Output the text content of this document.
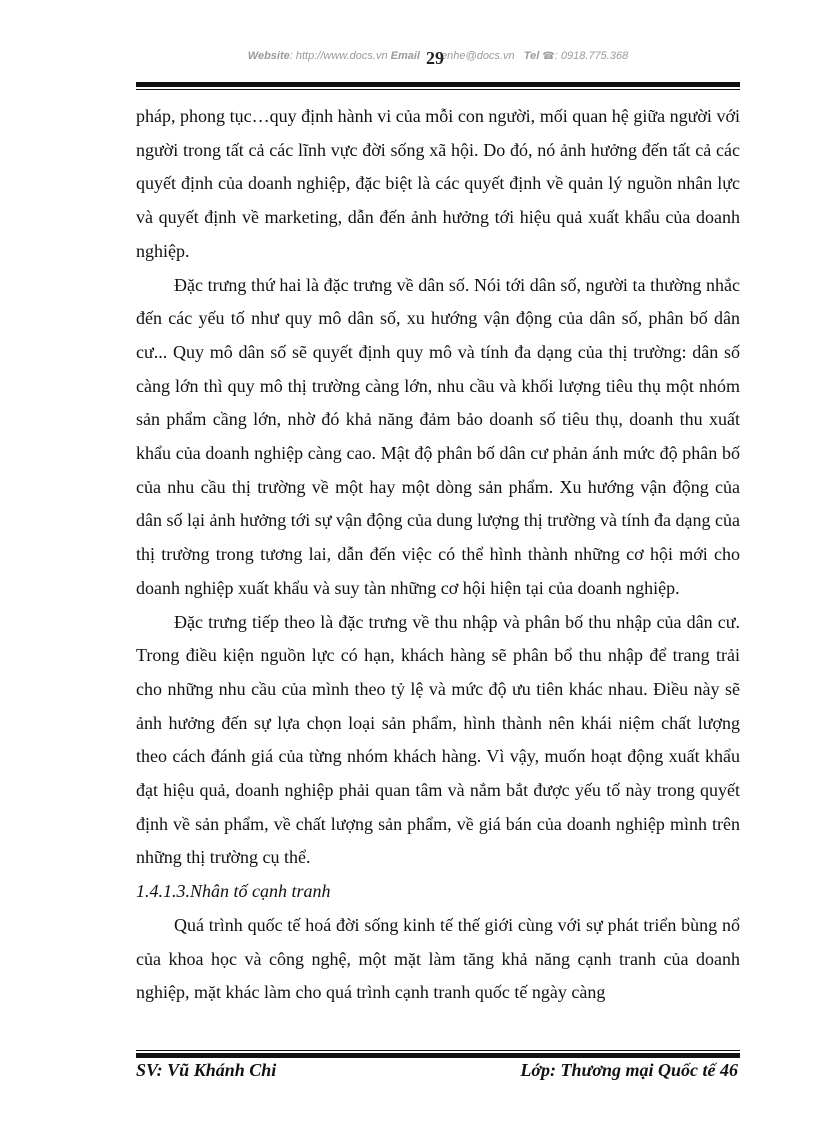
Website: http://www.docs.vn Email enhe@docs.vn Tel ☎: 0918.775.368
29

pháp, phong tục…quy định hành vi của mỗi con người, mối quan hệ giữa người với người trong tất cả các lĩnh vực đời sống xã hội. Do đó, nó ảnh hưởng đến tất cả các quyết định của doanh nghiệp, đặc biệt là các quyết định về quản lý nguồn nhân lực và quyết định về marketing, dẫn đến ảnh hưởng tới hiệu quả xuất khẩu của doanh nghiệp.

Đặc trưng thứ hai là đặc trưng về dân số. Nói tới dân số, người ta thường nhắc đến các yếu tố như quy mô dân số, xu hướng vận động của dân số, phân bố dân cư... Quy mô dân số sẽ quyết định quy mô và tính đa dạng của thị trường: dân số càng lớn thì quy mô thị trường càng lớn, nhu cầu và khối lượng tiêu thụ một nhóm sản phẩm cầng lớn, nhờ đó khả năng đảm bảo doanh số tiêu thụ, doanh thu xuất khẩu của doanh nghiệp càng cao. Mật độ phân bố dân cư phản ánh mức độ phân bố của nhu cầu thị trường về một hay một dòng sản phẩm. Xu hướng vận động của dân số lại ảnh hưởng tới sự vận động của dung lượng thị trường và tính đa dạng của thị trường trong tương lai, dẫn đến việc có thể hình thành những cơ hội mới cho doanh nghiệp xuất khẩu và suy tàn những cơ hội hiện tại của doanh nghiệp.

Đặc trưng tiếp theo là đặc trưng về thu nhập và phân bố thu nhập của dân cư. Trong điều kiện nguồn lực có hạn, khách hàng sẽ phân bổ thu nhập để trang trải cho những nhu cầu của mình theo tỷ lệ và mức độ ưu tiên khác nhau. Điều này sẽ ảnh hưởng đến sự lựa chọn loại sản phẩm, hình thành nên khái niệm chất lượng theo cách đánh giá của từng nhóm khách hàng. Vì vậy, muốn hoạt động xuất khẩu đạt hiệu quả, doanh nghiệp phải quan tâm và nắm bắt được yếu tố này trong quyết định về sản phẩm, về chất lượng sản phẩm, về giá bán của doanh nghiệp mình trên những thị trường cụ thể.

1.4.1.3.Nhân tố cạnh tranh

Quá trình quốc tế hoá đời sống kinh tế thế giới cùng với sự phát triển bùng nổ của khoa học và công nghệ, một mặt làm tăng khả năng cạnh tranh của doanh nghiệp, mặt khác làm cho quá trình cạnh tranh quốc tế ngày càng

SV: Vũ Khánh Chi	Lớp: Thương mại Quốc tế 46
